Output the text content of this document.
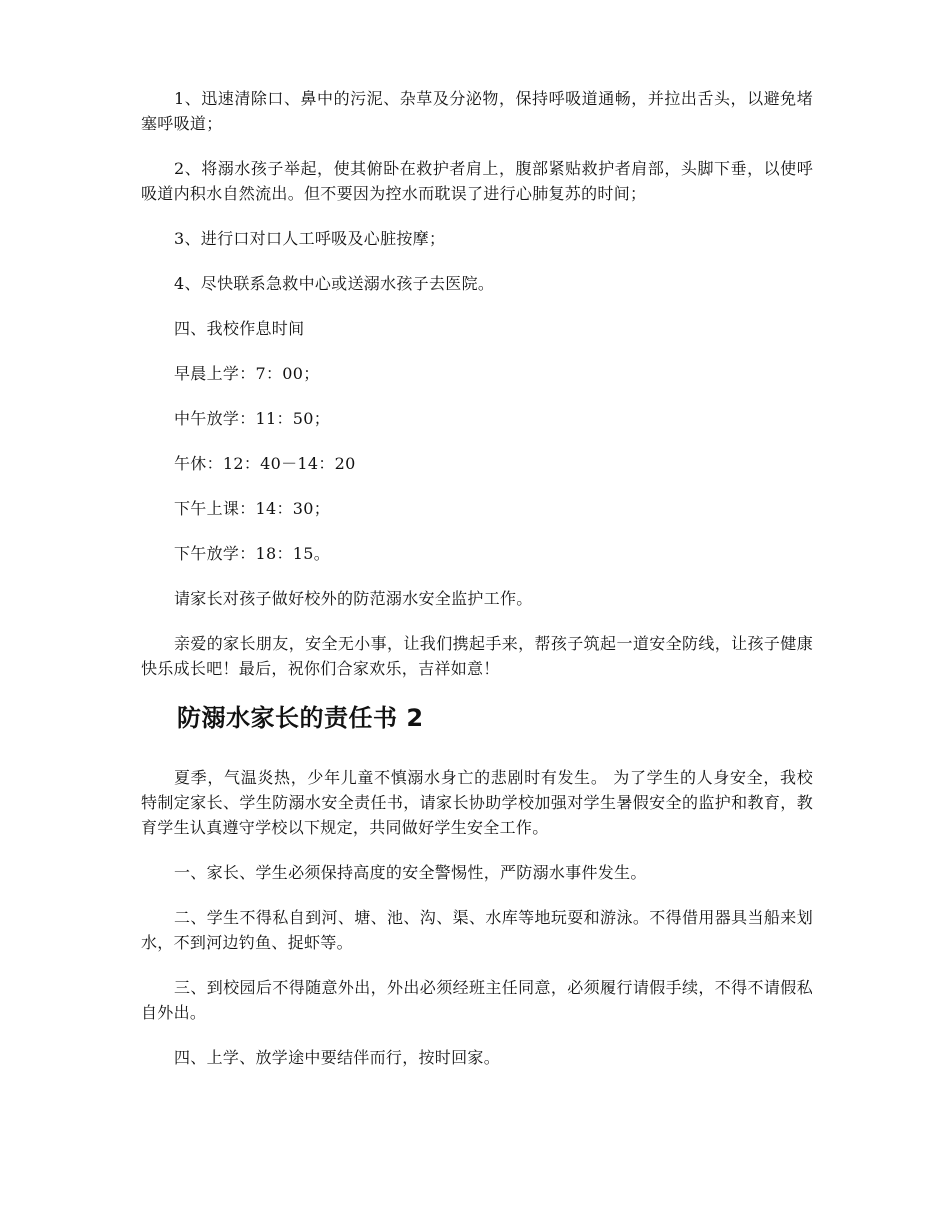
1、迅速清除口、鼻中的污泥、杂草及分泌物，保持呼吸道通畅，并拉出舌头，以避免堵塞呼吸道；

2、将溺水孩子举起，使其俯卧在救护者肩上，腹部紧贴救护者肩部，头脚下垂，以使呼吸道内积水自然流出。但不要因为控水而耽误了进行心肺复苏的时间；

3、进行口对口人工呼吸及心脏按摩；

4、尽快联系急救中心或送溺水孩子去医院。

四、我校作息时间

早晨上学：7：00；

中午放学：11：50；

午休：12：40－14：20

下午上课：14：30；

下午放学：18：15。

请家长对孩子做好校外的防范溺水安全监护工作。

亲爱的家长朋友，安全无小事，让我们携起手来，帮孩子筑起一道安全防线，让孩子健康快乐成长吧！最后，祝你们合家欢乐，吉祥如意！

防溺水家长的责任书 2

夏季，气温炎热，少年儿童不慎溺水身亡的悲剧时有发生。 为了学生的人身安全，我校特制定家长、学生防溺水安全责任书，请家长协助学校加强对学生暑假安全的监护和教育，教育学生认真遵守学校以下规定，共同做好学生安全工作。

一、家长、学生必须保持高度的安全警惕性，严防溺水事件发生。

二、学生不得私自到河、塘、池、沟、渠、水库等地玩耍和游泳。不得借用器具当船来划水，不到河边钓鱼、捉虾等。

三、到校园后不得随意外出，外出必须经班主任同意，必须履行请假手续，不得不请假私自外出。

四、上学、放学途中要结伴而行，按时回家。
